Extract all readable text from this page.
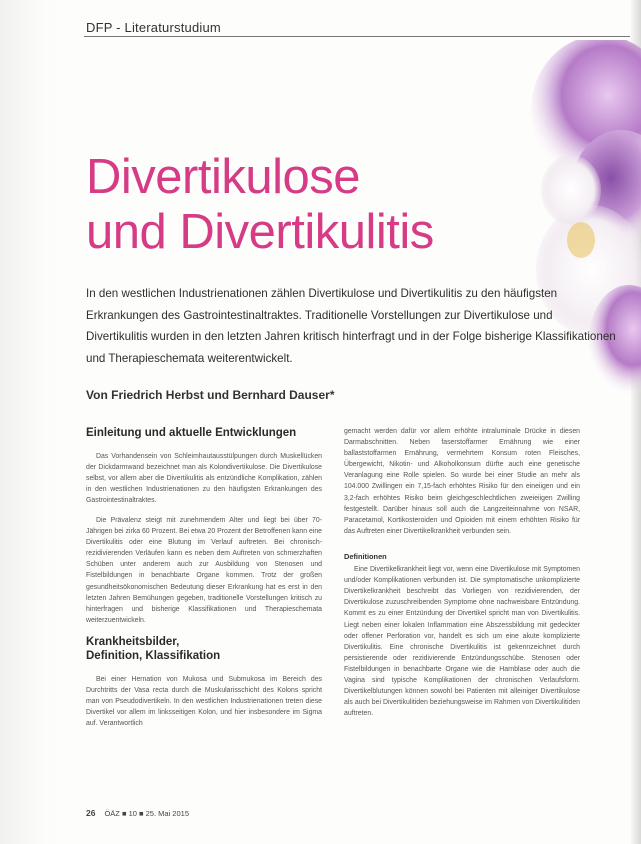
DFP - Literaturstudium
Divertikulose
und Divertikulitis
In den westlichen Industrienationen zählen Divertikulose und Divertikulitis zu den häufigsten Erkrankungen des Gastrointestinaltraktes. Traditionelle Vorstellungen zur Divertikulose und Divertikulitis wurden in den letzten Jahren kritisch hinterfragt und in der Folge bisherige Klassifikationen und Therapieschemata weiterentwickelt.
Von Friedrich Herbst und Bernhard Dauser*
Einleitung und aktuelle Entwicklungen

Das Vorhandensein von Schleimhautausstülpungen durch Muskellücken der Dickdarmwand bezeichnet man als Kolondivertikulose. Die Divertikulose selbst, vor allem aber die Divertikulitis als entzündliche Komplikation, zählen in den westlichen Industrienationen zu den häufigsten Erkrankungen des Gastrointestinaltraktes.

Die Prävalenz steigt mit zunehmendem Alter und liegt bei über 70-Jährigen bei zirka 60 Prozent. Bei etwa 20 Prozent der Betroffenen kann eine Divertikulitis oder eine Blutung im Verlauf auftreten. Bei chronisch-rezidivierenden Verläufen kann es neben dem Auftreten von schmerzhaften Schüben unter anderem auch zur Ausbildung von Stenosen und Fistelbildungen in benachbarte Organe kommen. Trotz der großen gesundheitsökonomischen Bedeutung dieser Erkrankung hat es erst in den letzten Jahren Bemühungen gegeben, traditionelle Vorstellungen kritisch zu hinterfragen und bisherige Klassifikationen und Therapieschemata weiterzuentwickeln.

Krankheitsbilder,
Definition, Klassifikation

Bei einer Hernation von Mukosa und Submukosa im Bereich des Durchtritts der Vasa recta durch die Muskularisschicht des Kolons spricht man von Pseudodivertikeln. In den westlichen Industrienationen treten diese Divertikel vor allem im linksseitigen Kolon, und hier insbesondere im Sigma auf. Verantwortlich

gemacht werden dafür vor allem erhöhte intraluminale Drücke in diesen Darmabschnitten. Neben faserstoffarmer Ernährung wie einer ballaststoffarmen Ernährung, vermehrtem Konsum roten Fleisches, Übergewicht, Nikotin- und Alkoholkonsum dürfte auch eine genetische Veranlagung eine Rolle spielen. So wurde bei einer Studie an mehr als 104.000 Zwillingen ein 7,15-fach erhöhtes Risiko für den eineiigen und ein 3,2-fach erhöhtes Risiko beim gleichgeschlechtlichen zweieiigen Zwilling festgestellt. Darüber hinaus soll auch die Langzeiteinnahme von NSAR, Paracetamol, Kortikosteroiden und Opioiden mit einem erhöhten Risiko für das Auftreten einer Divertikelkrankheit verbunden sein.

Definitionen

Eine Divertikelkrankheit liegt vor, wenn eine Divertikulose mit Symptomen und/oder Komplikationen verbunden ist. Die symptomatische unkomplizierte Divertikelkrankheit beschreibt das Vorliegen von rezidivierenden, der Divertikulose zuzuschreibenden Symptome ohne nachweisbare Entzündung. Kommt es zu einer Entzündung der Divertikel spricht man von Divertikulitis. Liegt neben einer lokalen Inflammation eine Abszessbildung mit gedeckter oder offener Perforation vor, handelt es sich um eine akute komplizierte Divertikulitis. Eine chronische Divertikulitis ist gekennzeichnet durch persistierende oder rezidivierende Entzündungsschübe. Stenosen oder Fistelbildungen in benachbarte Organe wie die Harnblase oder auch die Vagina sind typische Komplikationen der chronischen Verlaufsform. Divertikelblutungen können sowohl bei Patienten mit alleiniger Divertikulose als auch bei Divertikulitiden beziehungsweise im Rahmen von Divertikulitiden auftreten.

26 ÖÄZ ■ 10 ■ 25. Mai 2015
